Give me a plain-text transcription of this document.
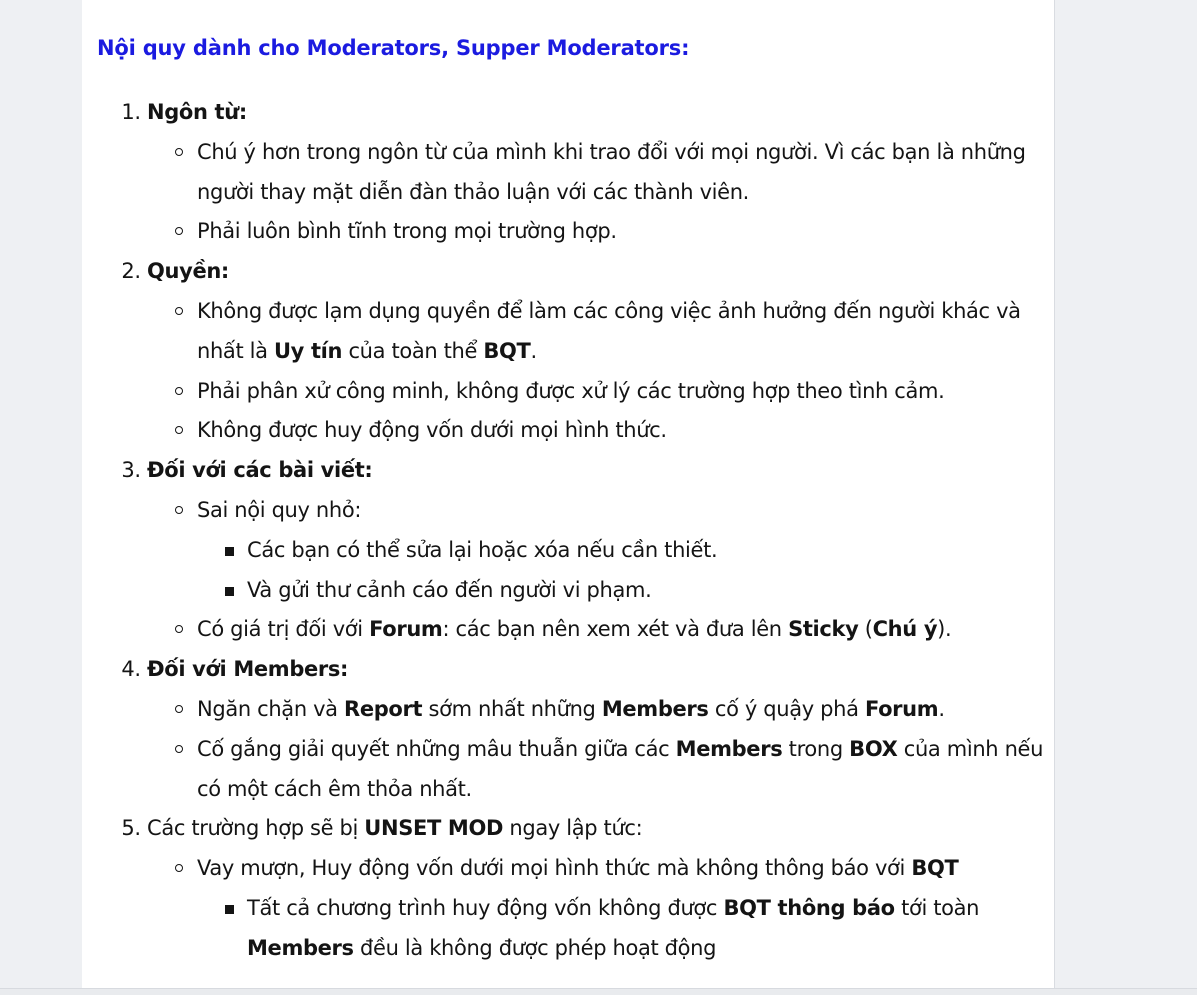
Nội quy dành cho Moderators, Supper Moderators:
1. Ngôn từ:
Chú ý hơn trong ngôn từ của mình khi trao đổi với mọi người. Vì các bạn là những người thay mặt diễn đàn thảo luận với các thành viên.
Phải luôn bình tĩnh trong mọi trường hợp.
2. Quyền:
Không được lạm dụng quyền để làm các công việc ảnh hưởng đến người khác và nhất là Uy tín của toàn thể BQT.
Phải phân xử công minh, không được xử lý các trường hợp theo tình cảm.
Không được huy động vốn dưới mọi hình thức.
3. Đối với các bài viết:
Sai nội quy nhỏ:
Các bạn có thể sửa lại hoặc xóa nếu cần thiết.
Và gửi thư cảnh cáo đến người vi phạm.
Có giá trị đối với Forum: các bạn nên xem xét và đưa lên Sticky (Chú ý).
4. Đối với Members:
Ngăn chặn và Report sớm nhất những Members cố ý quậy phá Forum.
Cố gắng giải quyết những mâu thuẫn giữa các Members trong BOX của mình nếu có một cách êm thỏa nhất.
5. Các trường hợp sẽ bị UNSET MOD ngay lập tức:
Vay mượn, Huy động vốn dưới mọi hình thức mà không thông báo với BQT
Tất cả chương trình huy động vốn không được BQT thông báo tới toàn Members đều là không được phép hoạt động
